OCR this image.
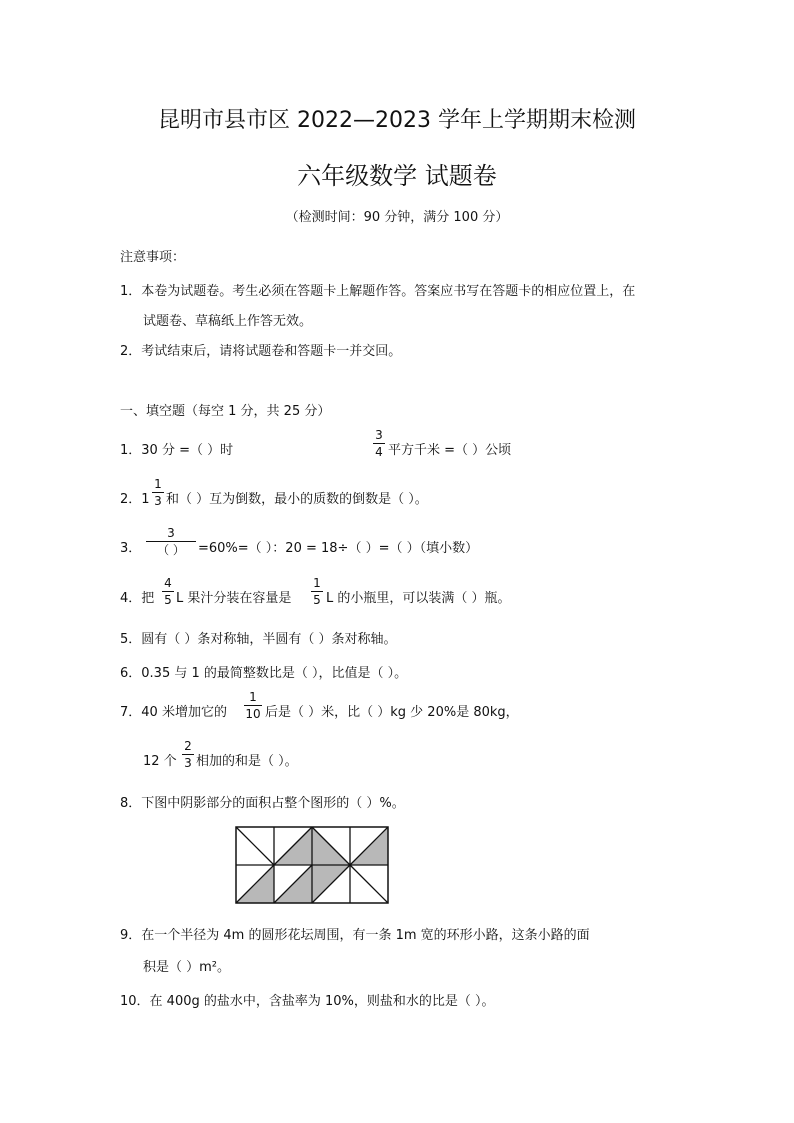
昆明市县市区 2022—2023 学年上学期期末检测
六年级数学 试题卷
（检测时间：90 分钟，满分 100 分）
注意事项：
1．本卷为试题卷。考生必须在答题卡上解题作答。答案应书写在答题卡的相应位置上，在
试题卷、草稿纸上作答无效。
2．考试结束后，请将试题卷和答题卡一并交回。
一、填空题（每空 1 分，共 25 分）
1．30 分 =（ ）时
3
4 平方千米 =（ ）公顷
2．1
1
3 和（ ）互为倒数，最小的质数的倒数是（ ）。
3．
3
（ ）	=60%=（ ）：20 = 18÷（ ）=（ ）（填小数）
4．把
4
5 L 果汁分装在容量是
1
5 L 的小瓶里，可以装满（ ）瓶。
5．圆有（ ）条对称轴，半圆有（ ）条对称轴。
6．0.35 与 1 的最简整数比是（ ），比值是（ ）。
7．40 米增加它的
1
10 后是（ ）米，比（ ）kg 少 20%是 80kg，
12 个
2
3 相加的和是（ ）。
8．下图中阴影部分的面积占整个图形的（ ）%。
9．在一个半径为 4m 的圆形花坛周围，有一条 1m 宽的环形小路，这条小路的面
积是（ ）m²。
10．在 400g 的盐水中，含盐率为 10%，则盐和水的比是（ ）。
